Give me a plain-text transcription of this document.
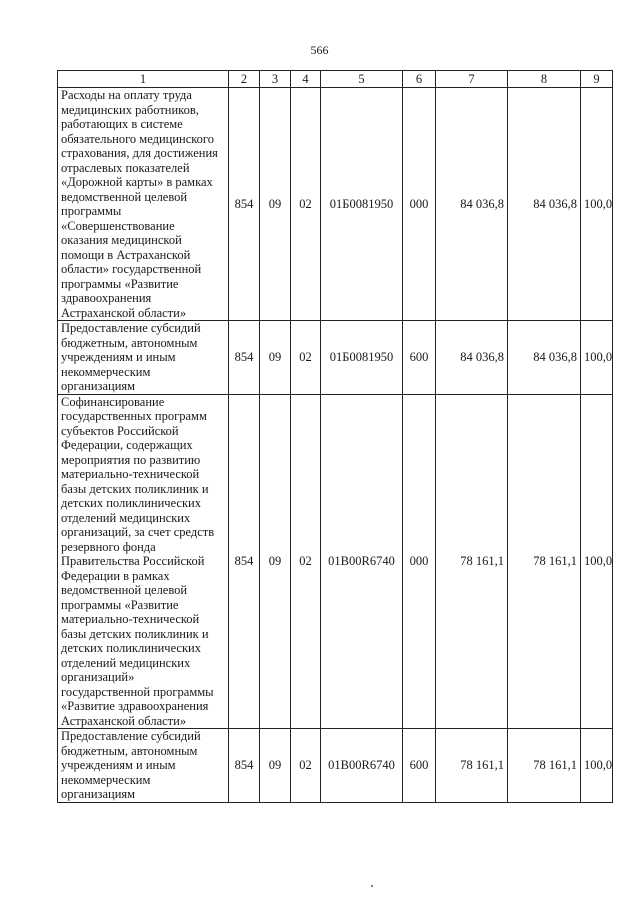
566
1	2	3	4	5	6	7	8	9
Расходы на оплату труда медицинских работников, работающих в системе обязательного медицинского страхования, для достижения отраслевых показателей «Дорожной карты» в рамках ведомственной целевой программы «Совершенствование оказания медицинской помощи в Астраханской области» государственной программы «Развитие здравоохранения Астраханской области»	854	09	02	01Б0081950	000	84 036,8	84 036,8	100,0
Предоставление субсидий бюджетным, автономным учреждениям и иным некоммерческим организациям	854	09	02	01Б0081950	600	84 036,8	84 036,8	100,0
Софинансирование государственных программ субъектов Российской Федерации, содержащих мероприятия по развитию материально-технической базы детских поликлиник и детских поликлинических отделений медицинских организаций, за счет средств резервного фонда Правительства Российской Федерации в рамках ведомственной целевой программы «Развитие материально-технической базы детских поликлиник и детских поликлинических отделений медицинских организаций» государственной программы «Развитие здравоохранения Астраханской области»	854	09	02	01В00R6740	000	78 161,1	78 161,1	100,0
Предоставление субсидий бюджетным, автономным учреждениям и иным некоммерческим организациям	854	09	02	01В00R6740	600	78 161,1	78 161,1	100,0
